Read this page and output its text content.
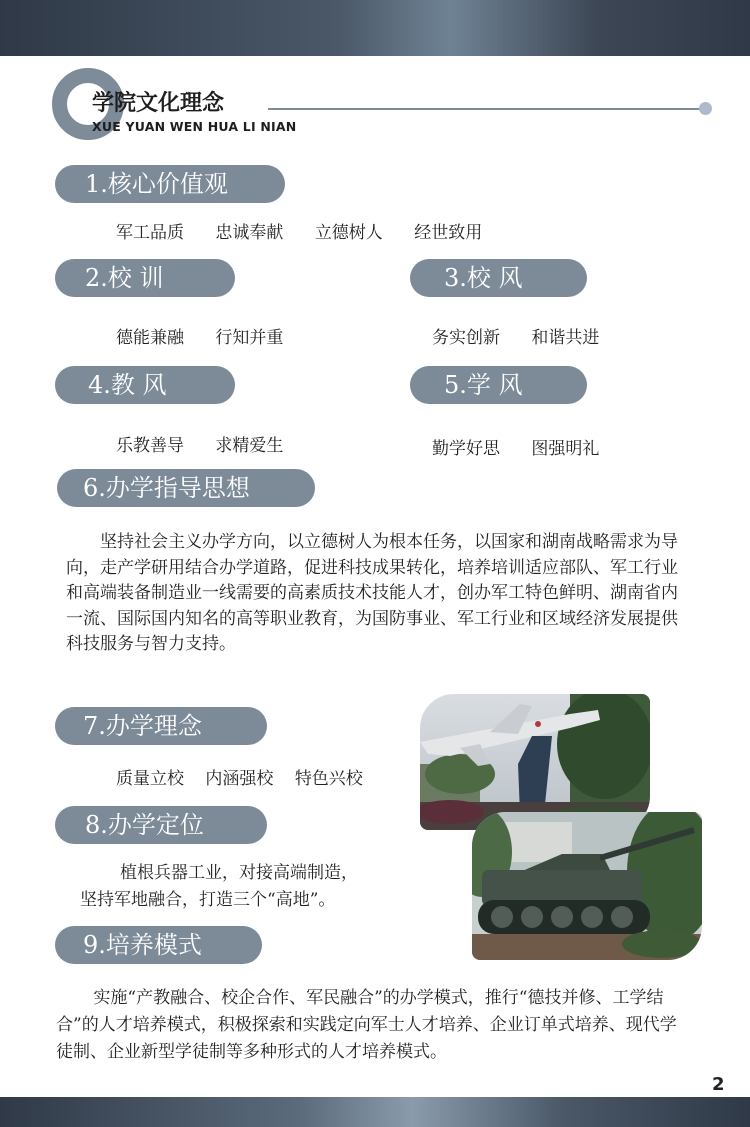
学院文化理念
XUE YUAN WEN HUA LI NIAN
1.核心价值观
军工品质 忠诚奉献 立德树人 经世致用
2.校 训
德能兼融 行知并重
3.校 风
务实创新 和谐共进
4.教 风
乐教善导 求精爱生
5.学 风
勤学好思 图强明礼
6.办学指导思想
坚持社会主义办学方向，以立德树人为根本任务，以国家和湖南战略需求为导向，走产学研用结合办学道路，促进科技成果转化，培养培训适应部队、军工行业和高端装备制造业一线需要的高素质技术技能人才，创办军工特色鲜明、湖南省内一流、国际国内知名的高等职业教育，为国防事业、军工行业和区域经济发展提供科技服务与智力支持。
7.办学理念
质量立校 内涵强校 特色兴校
8.办学定位
植根兵器工业，对接高端制造，
坚持军地融合，打造三个“高地”。
9.培养模式
实施“产教融合、校企合作、军民融合”的办学模式，推行“德技并修、工学结合”的人才培养模式，积极探索和实践定向军士人才培养、企业订单式培养、现代学徒制、企业新型学徒制等多种形式的人才培养模式。
2
